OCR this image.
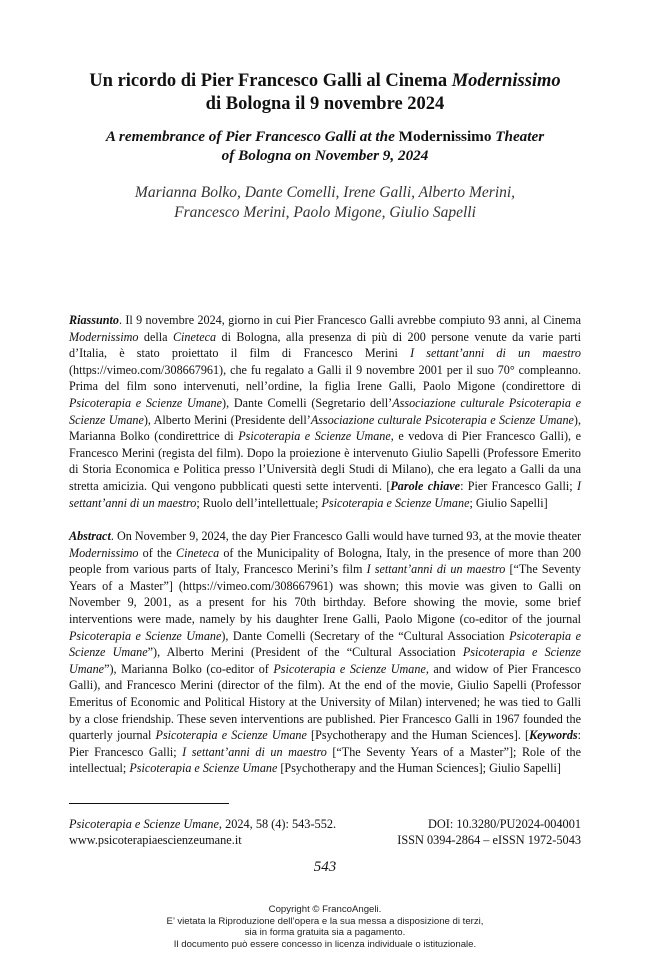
Un ricordo di Pier Francesco Galli al Cinema Modernissimo
di Bologna il 9 novembre 2024
A remembrance of Pier Francesco Galli at the Modernissimo Theater
of Bologna on November 9, 2024
Marianna Bolko, Dante Comelli, Irene Galli, Alberto Merini,
Francesco Merini, Paolo Migone, Giulio Sapelli
Riassunto. Il 9 novembre 2024, giorno in cui Pier Francesco Galli avrebbe compiuto 93 anni, al Cinema Modernissimo della Cineteca di Bologna, alla presenza di più di 200 persone venute da varie parti d’Italia, è stato proiettato il film di Francesco Merini I settant’anni di un maestro (https://vimeo.com/308667961), che fu regalato a Galli il 9 novembre 2001 per il suo 70° compleanno. Prima del film sono intervenuti, nell’ordine, la figlia Irene Galli, Paolo Migone (condirettore di Psicoterapia e Scienze Umane), Dante Comelli (Segretario dell’Associazione culturale Psicoterapia e Scienze Umane), Alberto Merini (Presidente dell’Associazione culturale Psicoterapia e Scienze Umane), Marianna Bolko (condirettrice di Psicoterapia e Scienze Umane, e vedova di Pier Francesco Galli), e Francesco Merini (regista del film). Dopo la proiezione è intervenuto Giulio Sapelli (Professore Emerito di Storia Economica e Politica presso l’Università degli Studi di Milano), che era legato a Galli da una stretta amicizia. Qui vengono pubblicati questi sette interventi. [Parole chiave: Pier Francesco Galli; I settant’anni di un maestro; Ruolo dell’intellettuale; Psicoterapia e Scienze Umane; Giulio Sapelli]
Abstract. On November 9, 2024, the day Pier Francesco Galli would have turned 93, at the movie theater Modernissimo of the Cineteca of the Municipality of Bologna, Italy, in the presence of more than 200 people from various parts of Italy, Francesco Merini’s film I settant’anni di un maestro [“The Seventy Years of a Master”] (https://vimeo.com/308667961) was shown; this movie was given to Galli on November 9, 2001, as a present for his 70th birthday. Before showing the movie, some brief interventions were made, namely by his daughter Irene Galli, Paolo Migone (co-editor of the journal Psicoterapia e Scienze Umane), Dante Comelli (Secretary of the “Cultural Association Psicoterapia e Scienze Umane”), Alberto Merini (President of the “Cultural Association Psicoterapia e Scienze Umane”), Marianna Bolko (co-editor of Psicoterapia e Scienze Umane, and widow of Pier Francesco Galli), and Francesco Merini (director of the film). At the end of the movie, Giulio Sapelli (Professor Emeritus of Economic and Political History at the University of Milan) intervened; he was tied to Galli by a close friendship. These seven interventions are published. Pier Francesco Galli in 1967 founded the quarterly journal Psicoterapia e Scienze Umane [Psychotherapy and the Human Sciences]. [Keywords: Pier Francesco Galli; I settant’anni di un maestro [“The Seventy Years of a Master”]; Role of the intellectual; Psicoterapia e Scienze Umane [Psychotherapy and the Human Sciences]; Giulio Sapelli]
Psicoterapia e Scienze Umane, 2024, 58 (4): 543-552.	DOI: 10.3280/PU2024-004001
www.psicoterapiaescienzeumane.it	ISSN 0394-2864 – eISSN 1972-5043
543
Copyright © FrancoAngeli.
E’ vietata la Riproduzione dell’opera e la sua messa a disposizione di terzi,
sia in forma gratuita sia a pagamento.
Il documento può essere concesso in licenza individuale o istituzionale.
